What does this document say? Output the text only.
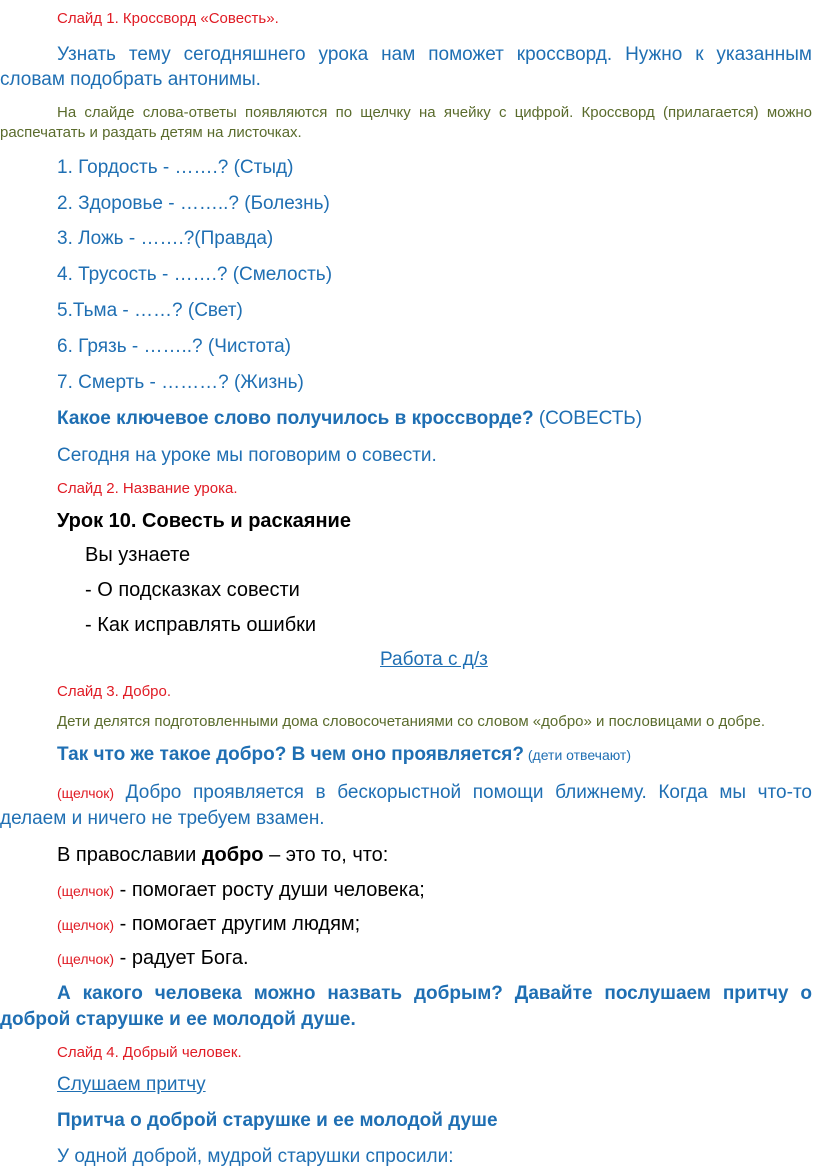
Слайд 1. Кроссворд «Совесть».
Узнать тему сегодняшнего урока нам поможет кроссворд. Нужно к указанным
словам подобрать антонимы.
На слайде слова-ответы появляются по щелчку на ячейку с цифрой. Кроссворд (прилагается) можно
распечатать и раздать детям на листочках.
1. Гордость - …….? (Стыд)
2. Здоровье - ……..? (Болезнь)
3. Ложь - …….?(Правда)
4. Трусость - …….? (Смелость)
5.Тьма - ……? (Свет)
6. Грязь - ……..? (Чистота)
7. Смерть - ………? (Жизнь)
Какое ключевое слово получилось в кроссворде? (СОВЕСТЬ)
Сегодня на уроке мы поговорим о совести.
Слайд 2. Название урока.
Урок 10. Совесть и раскаяние
Вы узнаете
- О подсказках совести
- Как исправлять ошибки
Работа с д/з
Слайд 3. Добро.
Дети делятся подготовленными дома словосочетаниями со словом «добро» и пословицами о добре.
Так что же такое добро? В чем оно проявляется? (дети отвечают)
(щелчок) Добро проявляется в бескорыстной помощи ближнему. Когда мы что-то
делаем и ничего не требуем взамен.
В православии добро – это то, что:
(щелчок) - помогает росту души человека;
(щелчок) - помогает другим людям;
(щелчок) - радует Бога.
А какого человека можно назвать добрым? Давайте послушаем притчу о
доброй старушке и ее молодой душе.
Слайд 4. Добрый человек.
Слушаем притчу
Притча о доброй старушке и ее молодой душе
У одной доброй, мудрой старушки спросили:
